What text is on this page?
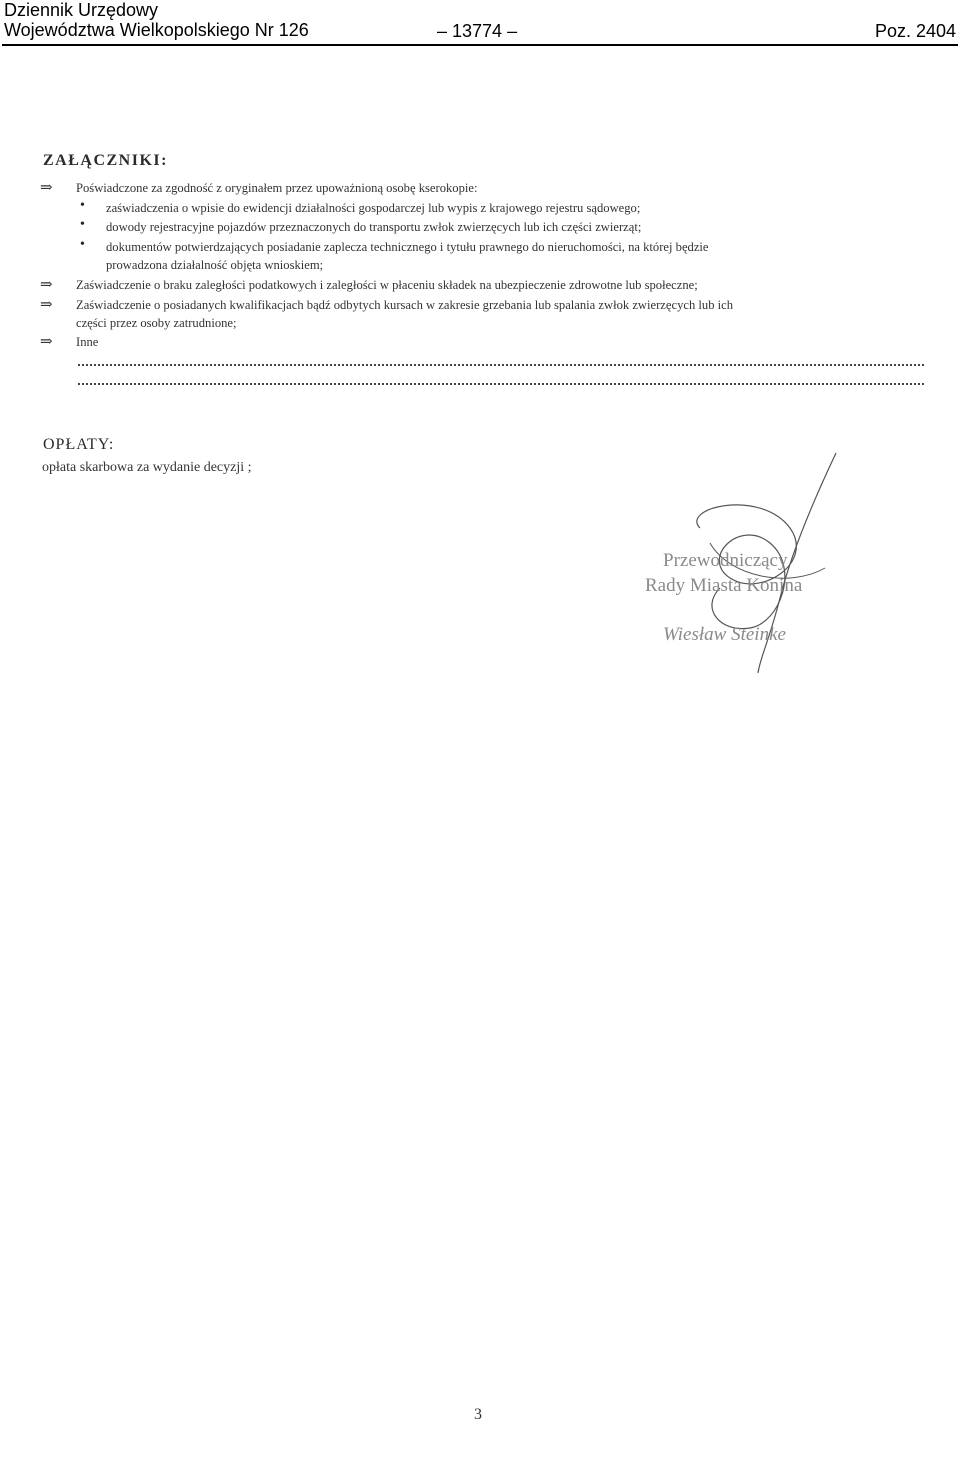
Dziennik Urzędowy
Województwa Wielkopolskiego Nr 126	– 13774 –	Poz. 2404
ZAŁĄCZNIKI:
⇒ Poświadczone za zgodność z oryginałem przez upoważnioną osobę kserokopie:
• zaświadczenia o wpisie do ewidencji działalności gospodarczej lub wypis z krajowego rejestru sądowego;
• dowody rejestracyjne pojazdów przeznaczonych do transportu zwłok zwierzęcych lub ich części zwierząt;
• dokumentów potwierdzających posiadanie zaplecza technicznego i tytułu prawnego do nieruchomości, na której będzie
prowadzona działalność objęta wnioskiem;
⇒ Zaświadczenie o braku zaległości podatkowych i zaległości w płaceniu składek na ubezpieczenie zdrowotne lub społeczne;
⇒ Zaświadczenie o posiadanych kwalifikacjach bądź odbytych kursach w zakresie grzebania lub spalania zwłok zwierzęcych lub ich
części przez osoby zatrudnione;
⇒ Inne
OPŁATY:
opłata skarbowa za wydanie decyzji ;
Przewodniczący
Rady Miasta Konina
Wiesław Steinke
3
